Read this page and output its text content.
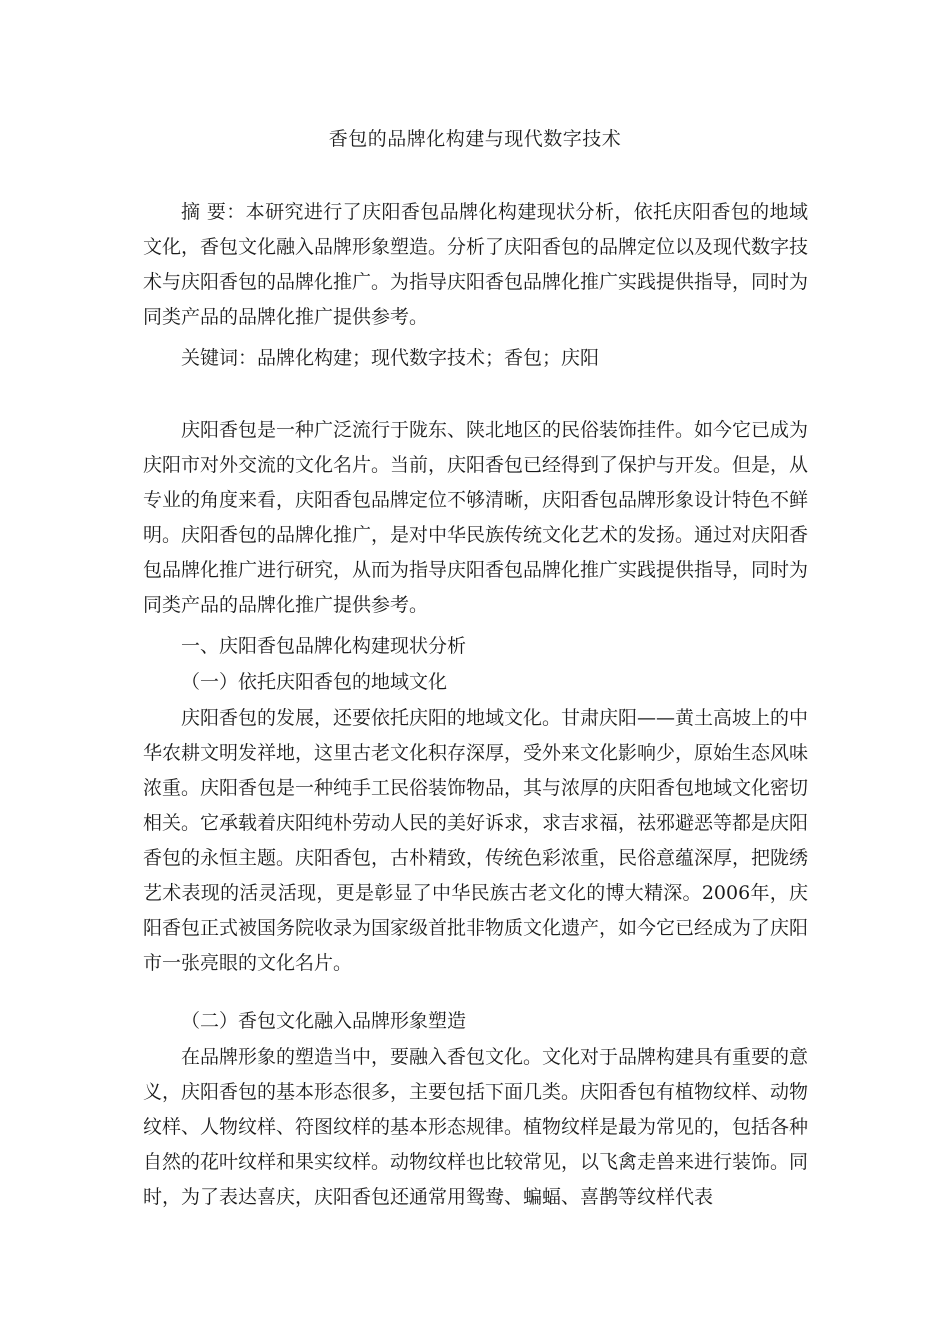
香包的品牌化构建与现代数字技术

摘 要：本研究进行了庆阳香包品牌化构建现状分析，依托庆阳香包的地域文化，香包文化融入品牌形象塑造。分析了庆阳香包的品牌定位以及现代数字技术与庆阳香包的品牌化推广。为指导庆阳香包品牌化推广实践提供指导，同时为同类产品的品牌化推广提供参考。

关键词：品牌化构建；现代数字技术；香包；庆阳

庆阳香包是一种广泛流行于陇东、陕北地区的民俗装饰挂件。如今它已成为庆阳市对外交流的文化名片。当前，庆阳香包已经得到了保护与开发。但是，从专业的角度来看，庆阳香包品牌定位不够清晰，庆阳香包品牌形象设计特色不鲜明。庆阳香包的品牌化推广，是对中华民族传统文化艺术的发扬。通过对庆阳香包品牌化推广进行研究，从而为指导庆阳香包品牌化推广实践提供指导，同时为同类产品的品牌化推广提供参考。

一、庆阳香包品牌化构建现状分析

（一）依托庆阳香包的地域文化

庆阳香包的发展，还要依托庆阳的地域文化。甘肃庆阳——黄土高坡上的中华农耕文明发祥地，这里古老文化积存深厚，受外来文化影响少，原始生态风味浓重。庆阳香包是一种纯手工民俗装饰物品，其与浓厚的庆阳香包地域文化密切相关。它承载着庆阳纯朴劳动人民的美好诉求，求吉求福，祛邪避恶等都是庆阳香包的永恒主题。庆阳香包，古朴精致，传统色彩浓重，民俗意蕴深厚，把陇绣艺术表现的活灵活现，更是彰显了中华民族古老文化的博大精深。2006年，庆阳香包正式被国务院收录为国家级首批非物质文化遗产，如今它已经成为了庆阳市一张亮眼的文化名片。

（二）香包文化融入品牌形象塑造

在品牌形象的塑造当中，要融入香包文化。文化对于品牌构建具有重要的意义，庆阳香包的基本形态很多，主要包括下面几类。庆阳香包有植物纹样、动物纹样、人物纹样、符图纹样的基本形态规律。植物纹样是最为常见的，包括各种自然的花叶纹样和果实纹样。动物纹样也比较常见，以飞禽走兽来进行装饰。同时，为了表达喜庆，庆阳香包还通常用鸳鸯、蝙蝠、喜鹊等纹样代表
